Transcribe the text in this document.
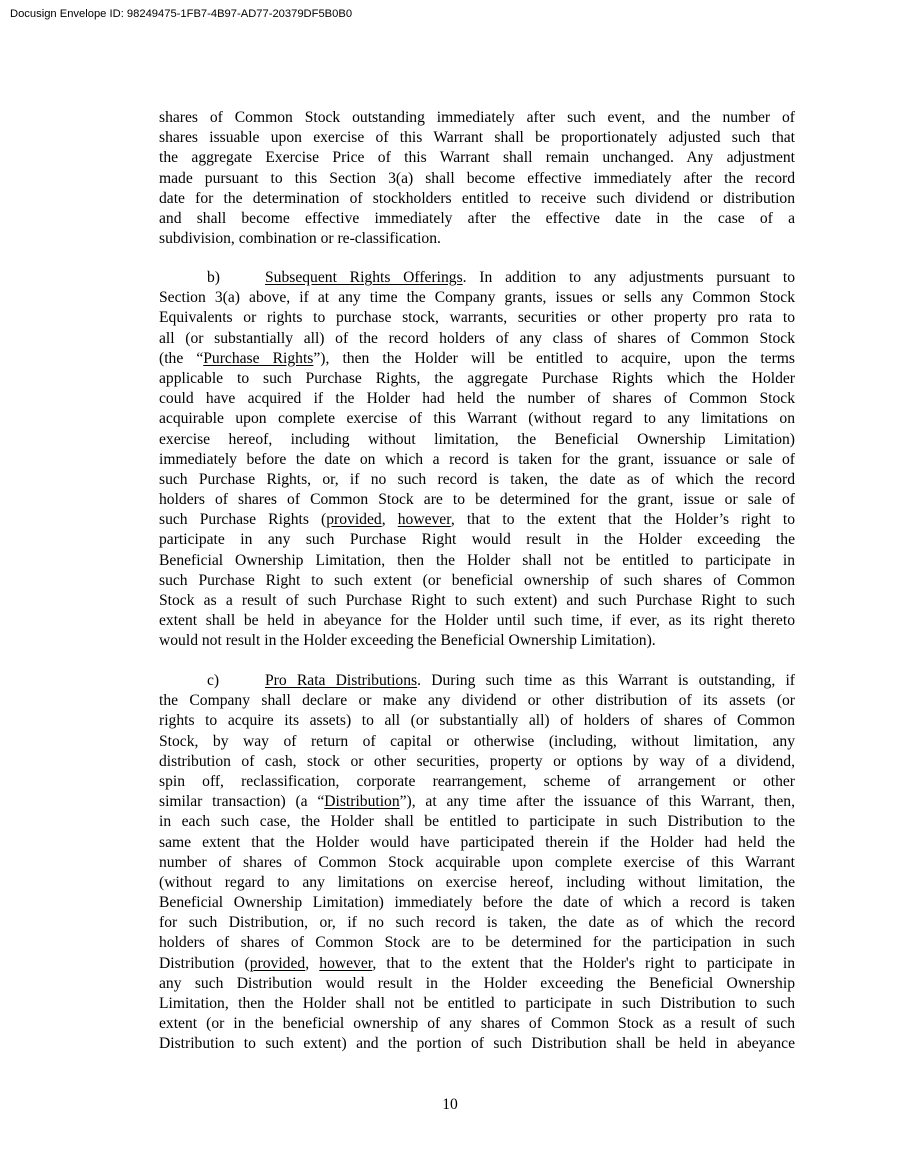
Docusign Envelope ID: 98249475-1FB7-4B97-AD77-20379DF5B0B0
shares of Common Stock outstanding immediately after such event, and the number of
shares issuable upon exercise of this Warrant shall be proportionately adjusted such that
the aggregate Exercise Price of this Warrant shall remain unchanged. Any adjustment
made pursuant to this Section 3(a) shall become effective immediately after the record
date for the determination of stockholders entitled to receive such dividend or distribution
and shall become effective immediately after the effective date in the case of a
subdivision, combination or re-classification.
b)	Subsequent Rights Offerings. In addition to any adjustments pursuant to
Section 3(a) above, if at any time the Company grants, issues or sells any Common Stock
Equivalents or rights to purchase stock, warrants, securities or other property pro rata to
all (or substantially all) of the record holders of any class of shares of Common Stock
(the “Purchase Rights”), then the Holder will be entitled to acquire, upon the terms
applicable to such Purchase Rights, the aggregate Purchase Rights which the Holder
could have acquired if the Holder had held the number of shares of Common Stock
acquirable upon complete exercise of this Warrant (without regard to any limitations on
exercise hereof, including without limitation, the Beneficial Ownership Limitation)
immediately before the date on which a record is taken for the grant, issuance or sale of
such Purchase Rights, or, if no such record is taken, the date as of which the record
holders of shares of Common Stock are to be determined for the grant, issue or sale of
such Purchase Rights (provided, however, that to the extent that the Holder’s right to
participate in any such Purchase Right would result in the Holder exceeding the
Beneficial Ownership Limitation, then the Holder shall not be entitled to participate in
such Purchase Right to such extent (or beneficial ownership of such shares of Common
Stock as a result of such Purchase Right to such extent) and such Purchase Right to such
extent shall be held in abeyance for the Holder until such time, if ever, as its right thereto
would not result in the Holder exceeding the Beneficial Ownership Limitation).
c)	Pro Rata Distributions. During such time as this Warrant is outstanding, if
the Company shall declare or make any dividend or other distribution of its assets (or
rights to acquire its assets) to all (or substantially all) of holders of shares of Common
Stock, by way of return of capital or otherwise (including, without limitation, any
distribution of cash, stock or other securities, property or options by way of a dividend,
spin off, reclassification, corporate rearrangement, scheme of arrangement or other
similar transaction) (a “Distribution”), at any time after the issuance of this Warrant, then,
in each such case, the Holder shall be entitled to participate in such Distribution to the
same extent that the Holder would have participated therein if the Holder had held the
number of shares of Common Stock acquirable upon complete exercise of this Warrant
(without regard to any limitations on exercise hereof, including without limitation, the
Beneficial Ownership Limitation) immediately before the date of which a record is taken
for such Distribution, or, if no such record is taken, the date as of which the record
holders of shares of Common Stock are to be determined for the participation in such
Distribution (provided, however, that to the extent that the Holder's right to participate in
any such Distribution would result in the Holder exceeding the Beneficial Ownership
Limitation, then the Holder shall not be entitled to participate in such Distribution to such
extent (or in the beneficial ownership of any shares of Common Stock as a result of such
Distribution to such extent) and the portion of such Distribution shall be held in abeyance
10
